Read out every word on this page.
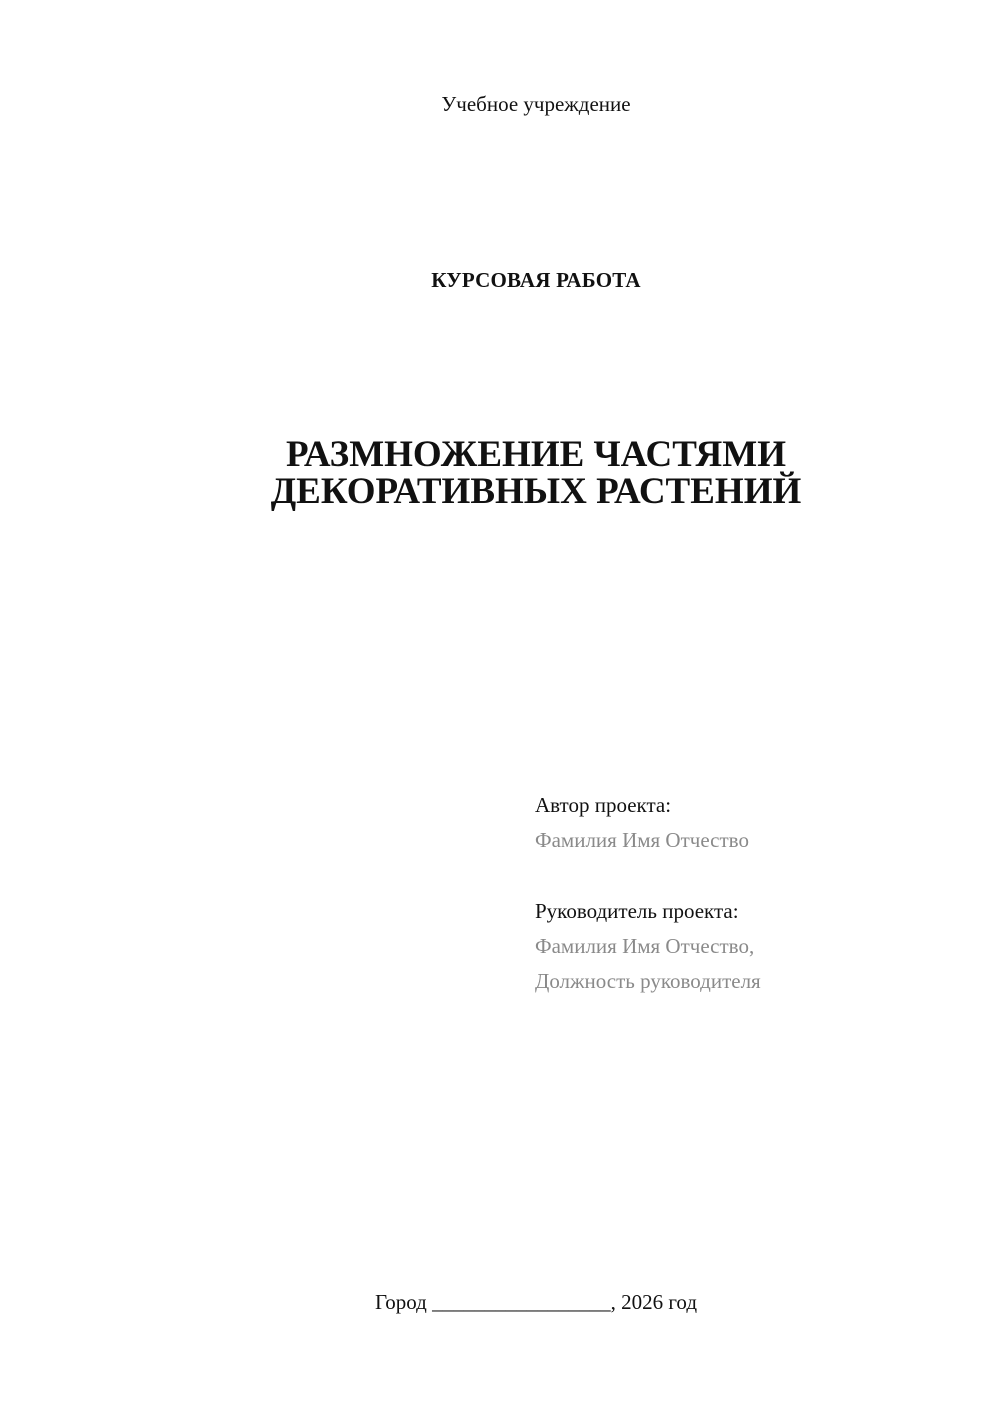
Учебное учреждение
КУРСОВАЯ РАБОТА
РАЗМНОЖЕНИЕ ЧАСТЯМИ
ДЕКОРАТИВНЫХ РАСТЕНИЙ
Автор проекта:
Фамилия Имя Отчество
Руководитель проекта:
Фамилия Имя Отчество,
Должность руководителя
Город _________________, 2026 год
